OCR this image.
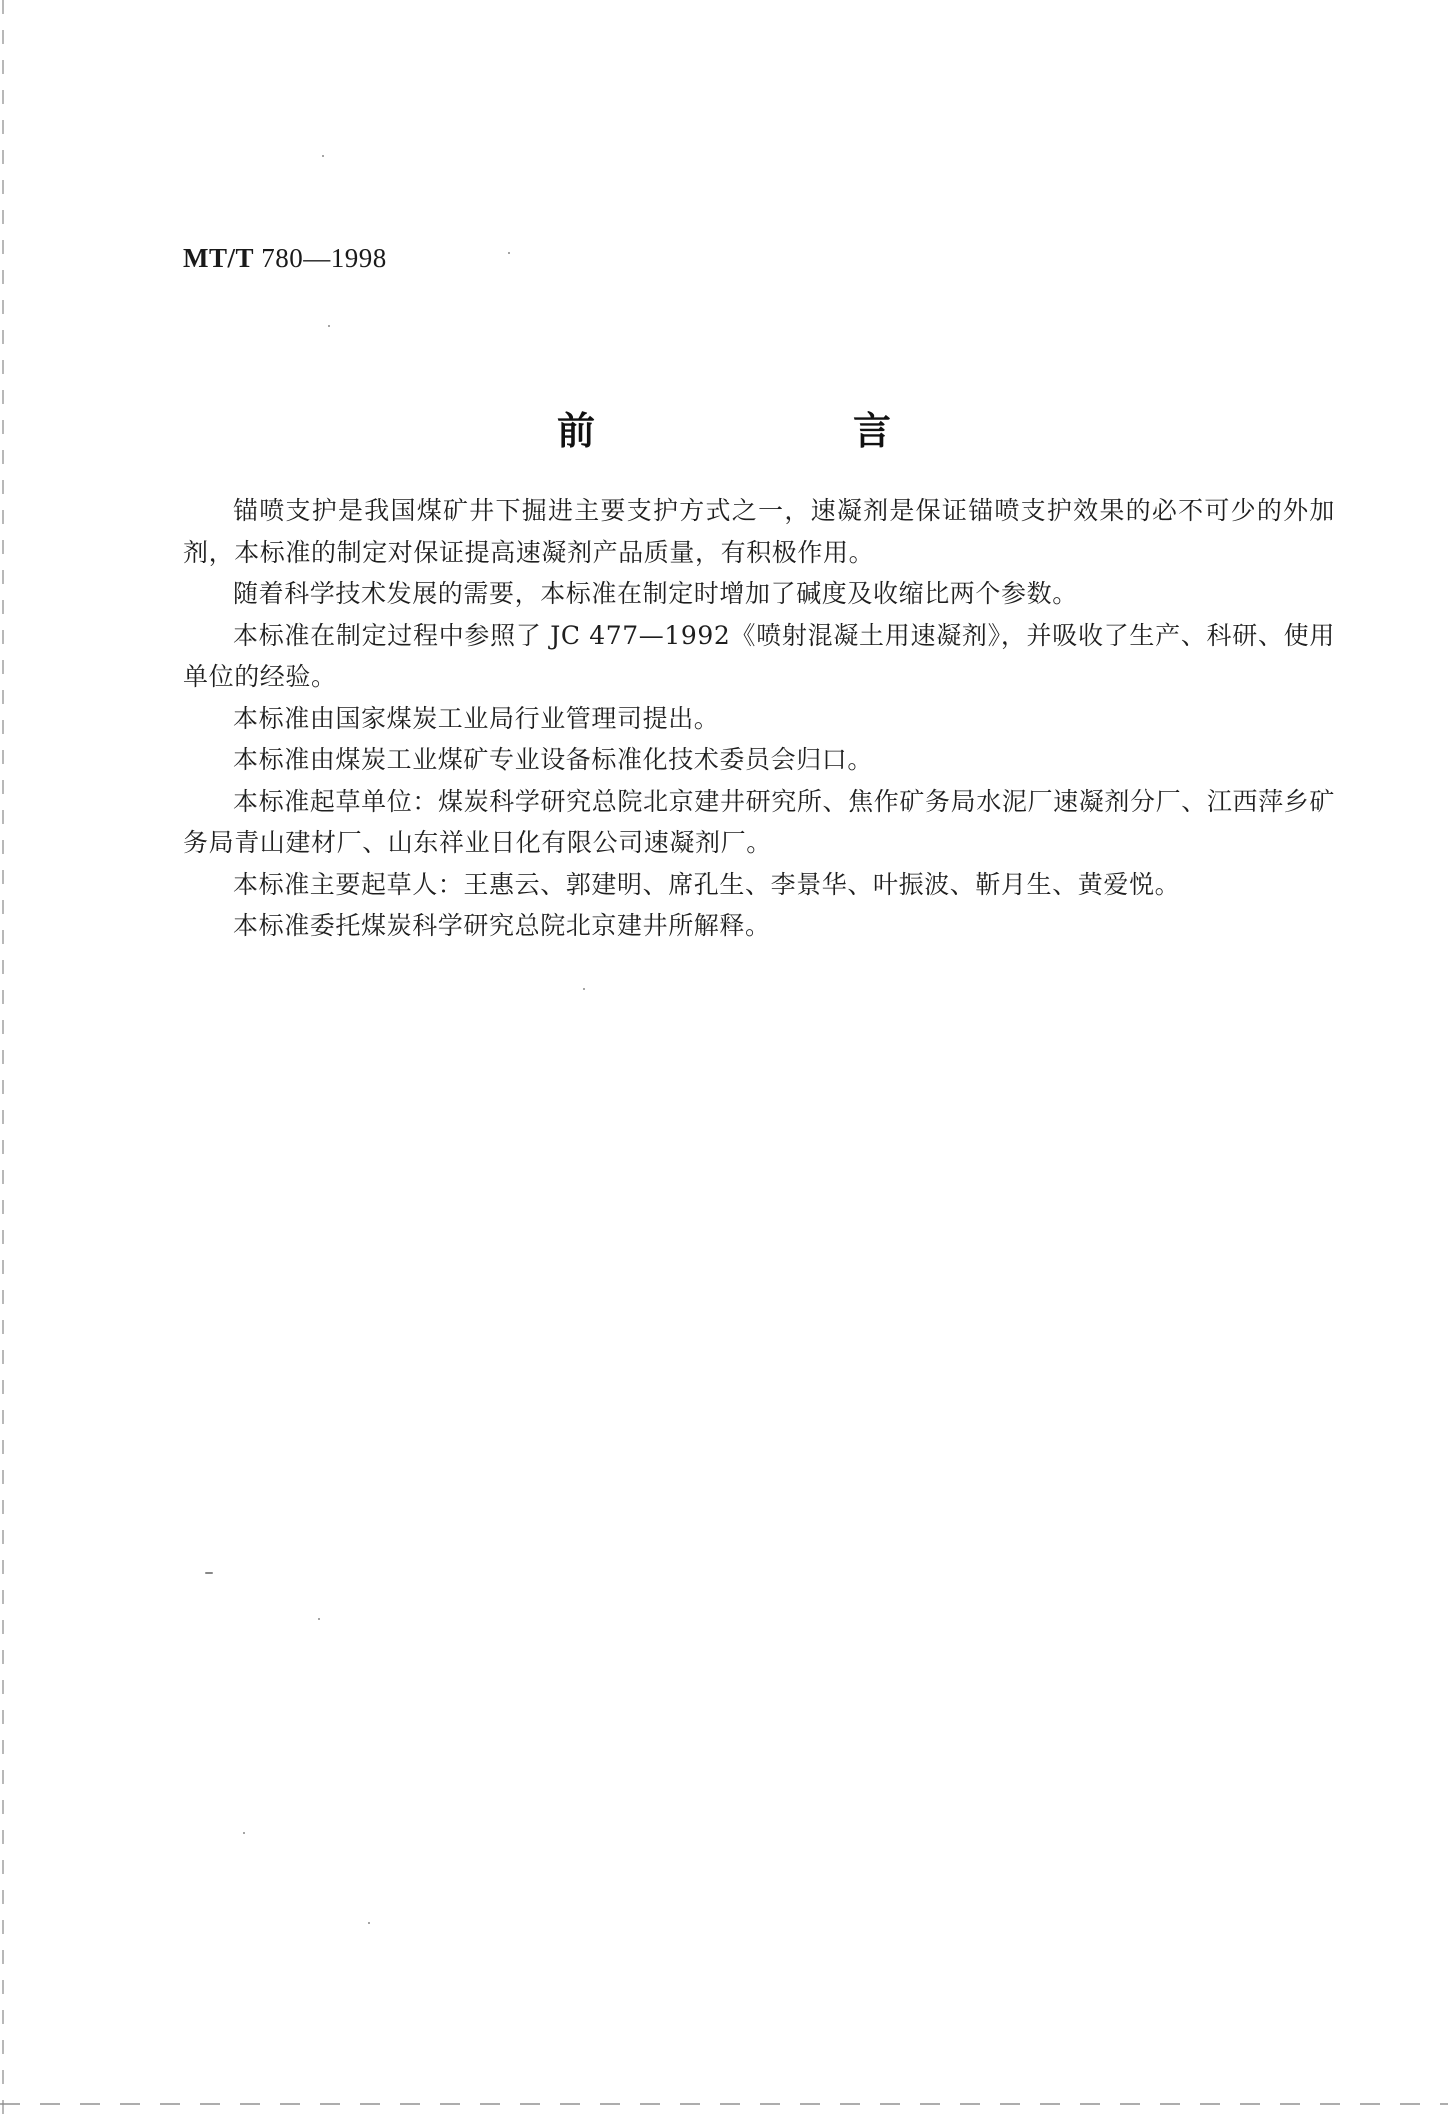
MT/T 780—1998
前　言

锚喷支护是我国煤矿井下掘进主要支护方式之一，速凝剂是保证锚喷支护效果的必不可少的外加剂，本标准的制定对保证提高速凝剂产品质量，有积极作用。

随着科学技术发展的需要，本标准在制定时增加了碱度及收缩比两个参数。

本标准在制定过程中参照了 JC 477—1992《喷射混凝土用速凝剂》，并吸收了生产、科研、使用单位的经验。

本标准由国家煤炭工业局行业管理司提出。

本标准由煤炭工业煤矿专业设备标准化技术委员会归口。

本标准起草单位：煤炭科学研究总院北京建井研究所、焦作矿务局水泥厂速凝剂分厂、江西萍乡矿务局青山建材厂、山东祥业日化有限公司速凝剂厂。

本标准主要起草人：王惠云、郭建明、席孔生、李景华、叶振波、靳月生、黄爱悦。

本标准委托煤炭科学研究总院北京建井所解释。
